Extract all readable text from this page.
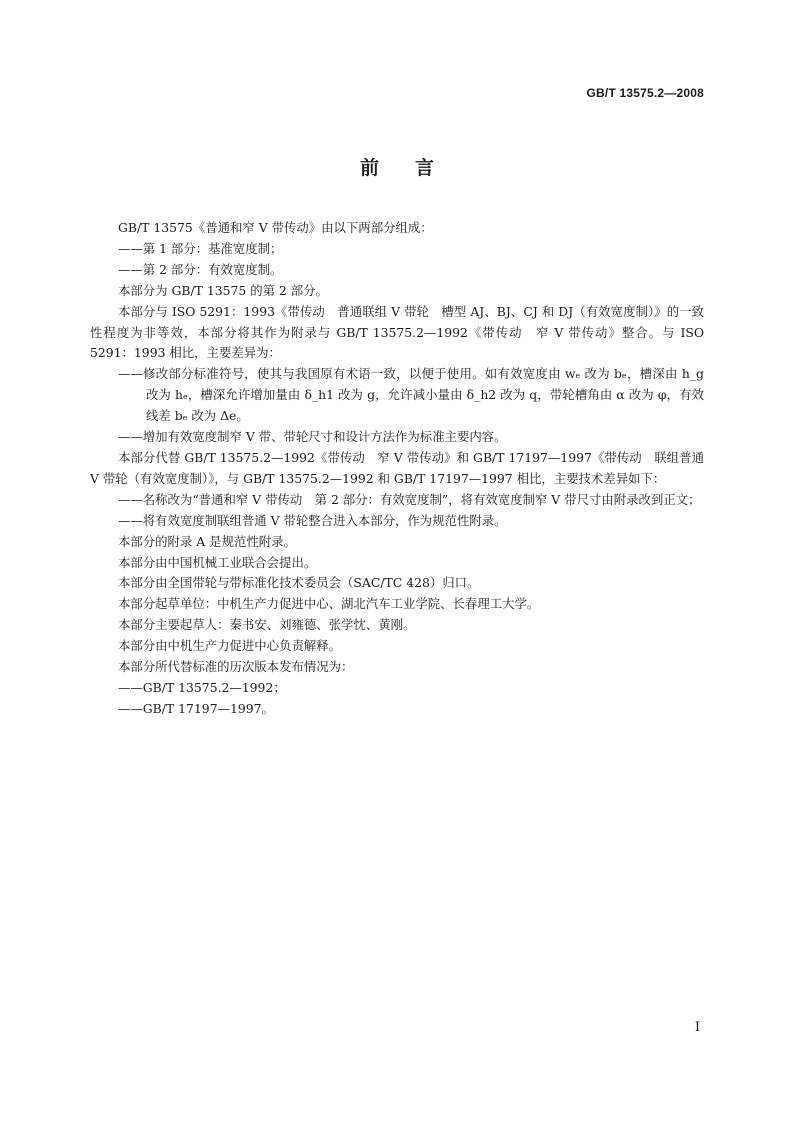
GB/T 13575.2—2008
前言

GB/T 13575《普通和窄 V 带传动》由以下两部分组成：

——第 1 部分：基准宽度制；

——第 2 部分：有效宽度制。

本部分为 GB/T 13575 的第 2 部分。

本部分与 ISO 5291：1993《带传动　普通联组 V 带轮　槽型 AJ、BJ、CJ 和 DJ（有效宽度制）》的一致性程度为非等效，本部分将其作为附录与 GB/T 13575.2—1992《带传动　窄 V 带传动》整合。与 ISO 5291：1993 相比，主要差异为：

——修改部分标准符号，使其与我国原有术语一致，以便于使用。如有效宽度由 wₑ 改为 bₑ，槽深由 h_g 改为 hₑ，槽深允许增加量由 δ_h1 改为 g，允许减小量由 δ_h2 改为 q，带轮槽角由 α 改为 φ，有效线差 bₑ 改为 Δe。

——增加有效宽度制窄 V 带、带轮尺寸和设计方法作为标准主要内容。

本部分代替 GB/T 13575.2—1992《带传动　窄 V 带传动》和 GB/T 17197—1997《带传动　联组普通 V 带轮（有效宽度制）》，与 GB/T 13575.2—1992 和 GB/T 17197—1997 相比，主要技术差异如下：

——名称改为“普通和窄 V 带传动　第 2 部分：有效宽度制”，将有效宽度制窄 V 带尺寸由附录改到正文；

——将有效宽度制联组普通 V 带轮整合进入本部分，作为规范性附录。

本部分的附录 A 是规范性附录。

本部分由中国机械工业联合会提出。

本部分由全国带轮与带标准化技术委员会（SAC/TC 428）归口。

本部分起草单位：中机生产力促进中心、湖北汽车工业学院、长春理工大学。

本部分主要起草人：秦书安、刘雍德、张学忱、黄刚。

本部分由中机生产力促进中心负责解释。

本部分所代替标准的历次版本发布情况为：

——GB/T 13575.2—1992；

——GB/T 17197—1997。

I
